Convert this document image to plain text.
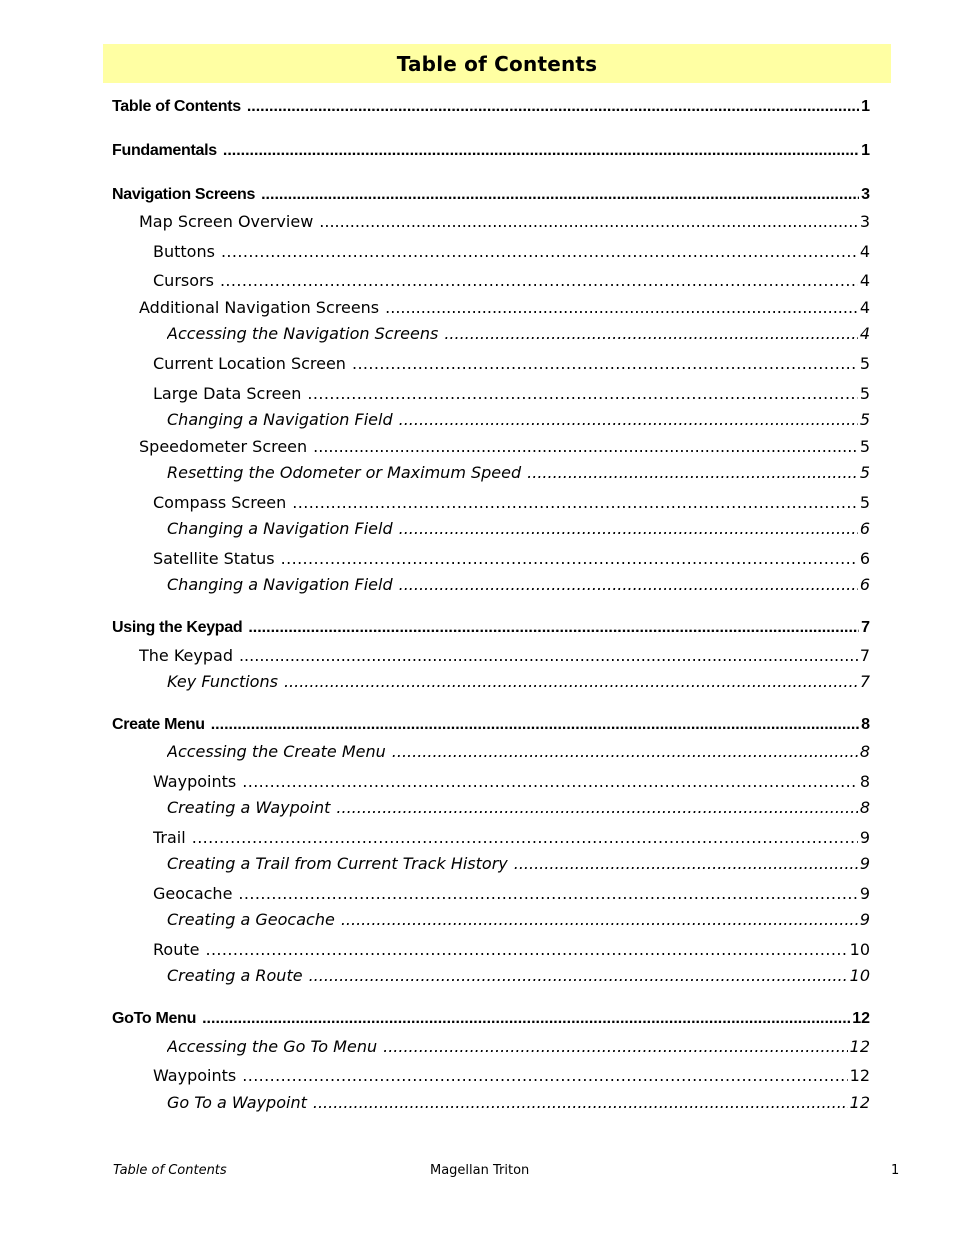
Table of Contents
Table of Contents .....	1
Fundamentals .....	1
Navigation Screens .....	3
Map Screen Overview .....	3
Buttons .....	4
Cursors .....	4
Additional Navigation Screens .....	4
Accessing the Navigation Screens .....	4
Current Location Screen .....	5
Large Data Screen .....	5
Changing a Navigation Field .....	5
Speedometer Screen .....	5
Resetting the Odometer or Maximum Speed .....	5
Compass Screen .....	5
Changing a Navigation Field .....	6
Satellite Status .....	6
Changing a Navigation Field .....	6
Using the Keypad .....	7
The Keypad .....	7
Key Functions .....	7
Create Menu .....	8
Accessing the Create Menu .....	8
Waypoints .....	8
Creating a Waypoint .....	8
Trail .....	9
Creating a Trail from Current Track History .....	9
Geocache .....	9
Creating a Geocache .....	9
Route .....	10
Creating a Route .....	10
GoTo Menu .....	12
Accessing the Go To Menu .....	12
Waypoints .....	12
Go To a Waypoint .....	12
Table of Contents	Magellan Triton	1
